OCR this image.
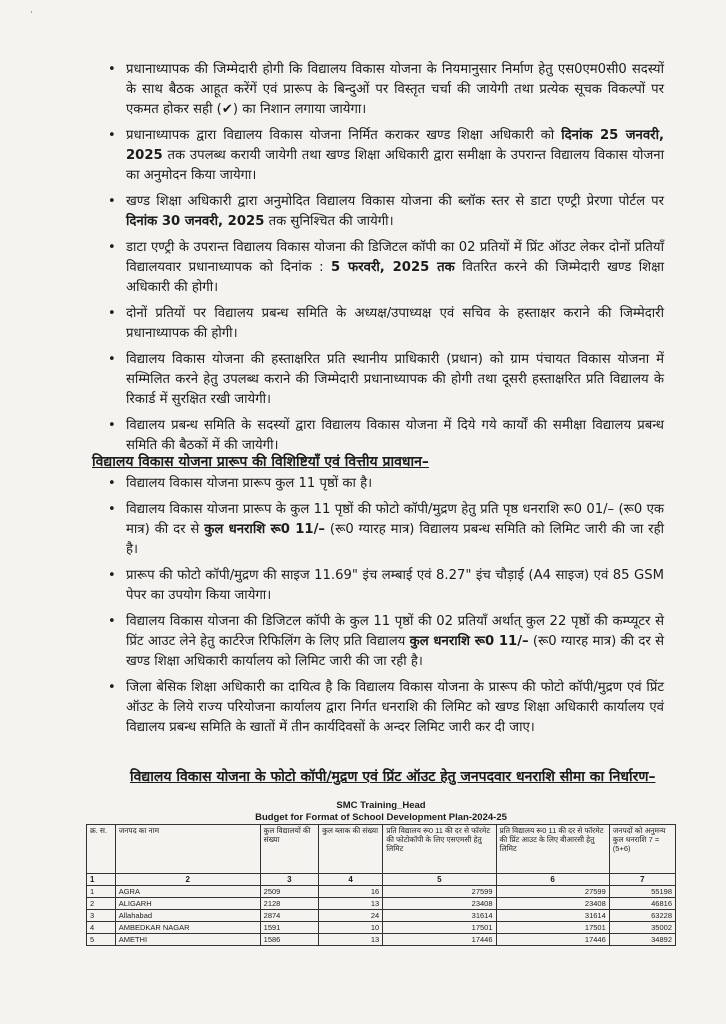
·
• प्रधानाध्यापक की जिम्मेदारी होगी कि विद्यालय विकास योजना के नियमानुसार निर्माण हेतु एस0एम0सी0 सदस्यों के साथ बैठक आहूत करेंगें एवं प्रारूप के बिन्दुओं पर विस्तृत चर्चा की जायेगी तथा प्रत्येक सूचक विकल्पों पर एकमत होकर सही (✔) का निशान लगाया जायेगा।
• प्रधानाध्यापक द्वारा विद्यालय विकास योजना निर्मित कराकर खण्ड शिक्षा अधिकारी को दिनांक 25 जनवरी, 2025 तक उपलब्ध करायी जायेगी तथा खण्ड शिक्षा अधिकारी द्वारा समीक्षा के उपरान्त विद्यालय विकास योजना का अनुमोदन किया जायेगा।
• खण्ड शिक्षा अधिकारी द्वारा अनुमोदित विद्यालय विकास योजना की ब्लॉक स्तर से डाटा एण्ट्री प्रेरणा पोर्टल पर दिनांक 30 जनवरी, 2025 तक सुनिश्चित की जायेगी।
• डाटा एण्ट्री के उपरान्त विद्यालय विकास योजना की डिजिटल कॉपी का 02 प्रतियों में प्रिंट ऑउट लेकर दोनों प्रतियाँ विद्यालयवार प्रधानाध्यापक को दिनांक : 5 फरवरी, 2025 तक वितरित करने की जिम्मेदारी खण्ड शिक्षा अधिकारी की होगी।
• दोनों प्रतियों पर विद्यालय प्रबन्ध समिति के अध्यक्ष/उपाध्यक्ष एवं सचिव के हस्ताक्षर कराने की जिम्मेदारी प्रधानाध्यापक की होगी।
• विद्यालय विकास योजना की हस्ताक्षरित प्रति स्थानीय प्राधिकारी (प्रधान) को ग्राम पंचायत विकास योजना में सम्मिलित करने हेतु उपलब्ध कराने की जिम्मेदारी प्रधानाध्यापक की होगी तथा दूसरी हस्ताक्षरित प्रति विद्यालय के रिकार्ड में सुरक्षित रखी जायेगी।
• विद्यालय प्रबन्ध समिति के सदस्यों द्वारा विद्यालय विकास योजना में दिये गये कार्यों की समीक्षा विद्यालय प्रबन्ध समिति की बैठकों में की जायेगी।
विद्यालय विकास योजना प्रारूप की विशिष्टियाँ एवं वित्तीय प्रावधान–
• विद्यालय विकास योजना प्रारूप कुल 11 पृष्ठों का है।
• विद्यालय विकास योजना प्रारूप के कुल 11 पृष्ठों की फोटो कॉपी/मुद्रण हेतु प्रति पृष्ठ धनराशि रू0 01/– (रू0 एक मात्र) की दर से कुल धनराशि रू0 11/– (रू0 ग्यारह मात्र) विद्यालय प्रबन्ध समिति को लिमिट जारी की जा रही है।
• प्रारूप की फोटो कॉपी/मुद्रण की साइज 11.69" इंच लम्बाई एवं 8.27" इंच चौड़ाई (A4 साइज) एवं 85 GSM पेपर का उपयोग किया जायेगा।
• विद्यालय विकास योजना की डिजिटल कॉपी के कुल 11 पृष्ठों की 02 प्रतियाँ अर्थात् कुल 22 पृष्ठों की कम्प्यूटर से प्रिंट आउट लेने हेतु कार्टरेज रिफिलिंग के लिए प्रति विद्यालय कुल धनराशि रू0 11/– (रू0 ग्यारह मात्र) की दर से खण्ड शिक्षा अधिकारी कार्यालय को लिमिट जारी की जा रही है।
• जिला बेसिक शिक्षा अधिकारी का दायित्व है कि विद्यालय विकास योजना के प्रारूप की फोटो कॉपी/मुद्रण एवं प्रिंट ऑउट के लिये राज्य परियोजना कार्यालय द्वारा निर्गत धनराशि की लिमिट को खण्ड शिक्षा अधिकारी कार्यालय एवं विद्यालय प्रबन्ध समिति के खातों में तीन कार्यदिवसों के अन्दर लिमिट जारी कर दी जाए।
विद्यालय विकास योजना के फोटो कॉपी/मुद्रण एवं प्रिंट ऑउट हेतु जनपदवार धनराशि सीमा का निर्धारण–
SMC Training_Head
Budget for Format of School Development Plan-2024-25
क्र. स.	जनपद का नाम	कुल विद्यालयों की संख्या	कुल ब्लाक की संख्या	प्रति विद्यालय रू0 11 की दर से फॉरमेट की फोटोकॉपी के लिए एसएमसी हेतु लिमिट	प्रति विद्यालय रू0 11 की दर से फॉरमेट की प्रिंट आउट के लिए बीआरसी हेतु लिमिट	जनपदों को अनुमन्य कुल धनराशि 7 = (5+6)
1	2	3	4	5	6	7
1	AGRA	2509	16	27599	27599	55198
2	ALIGARH	2128	13	23408	23408	46816
3	Allahabad	2874	24	31614	31614	63228
4	AMBEDKAR NAGAR	1591	10	17501	17501	35002
5	AMETHI	1586	13	17446	17446	34892
